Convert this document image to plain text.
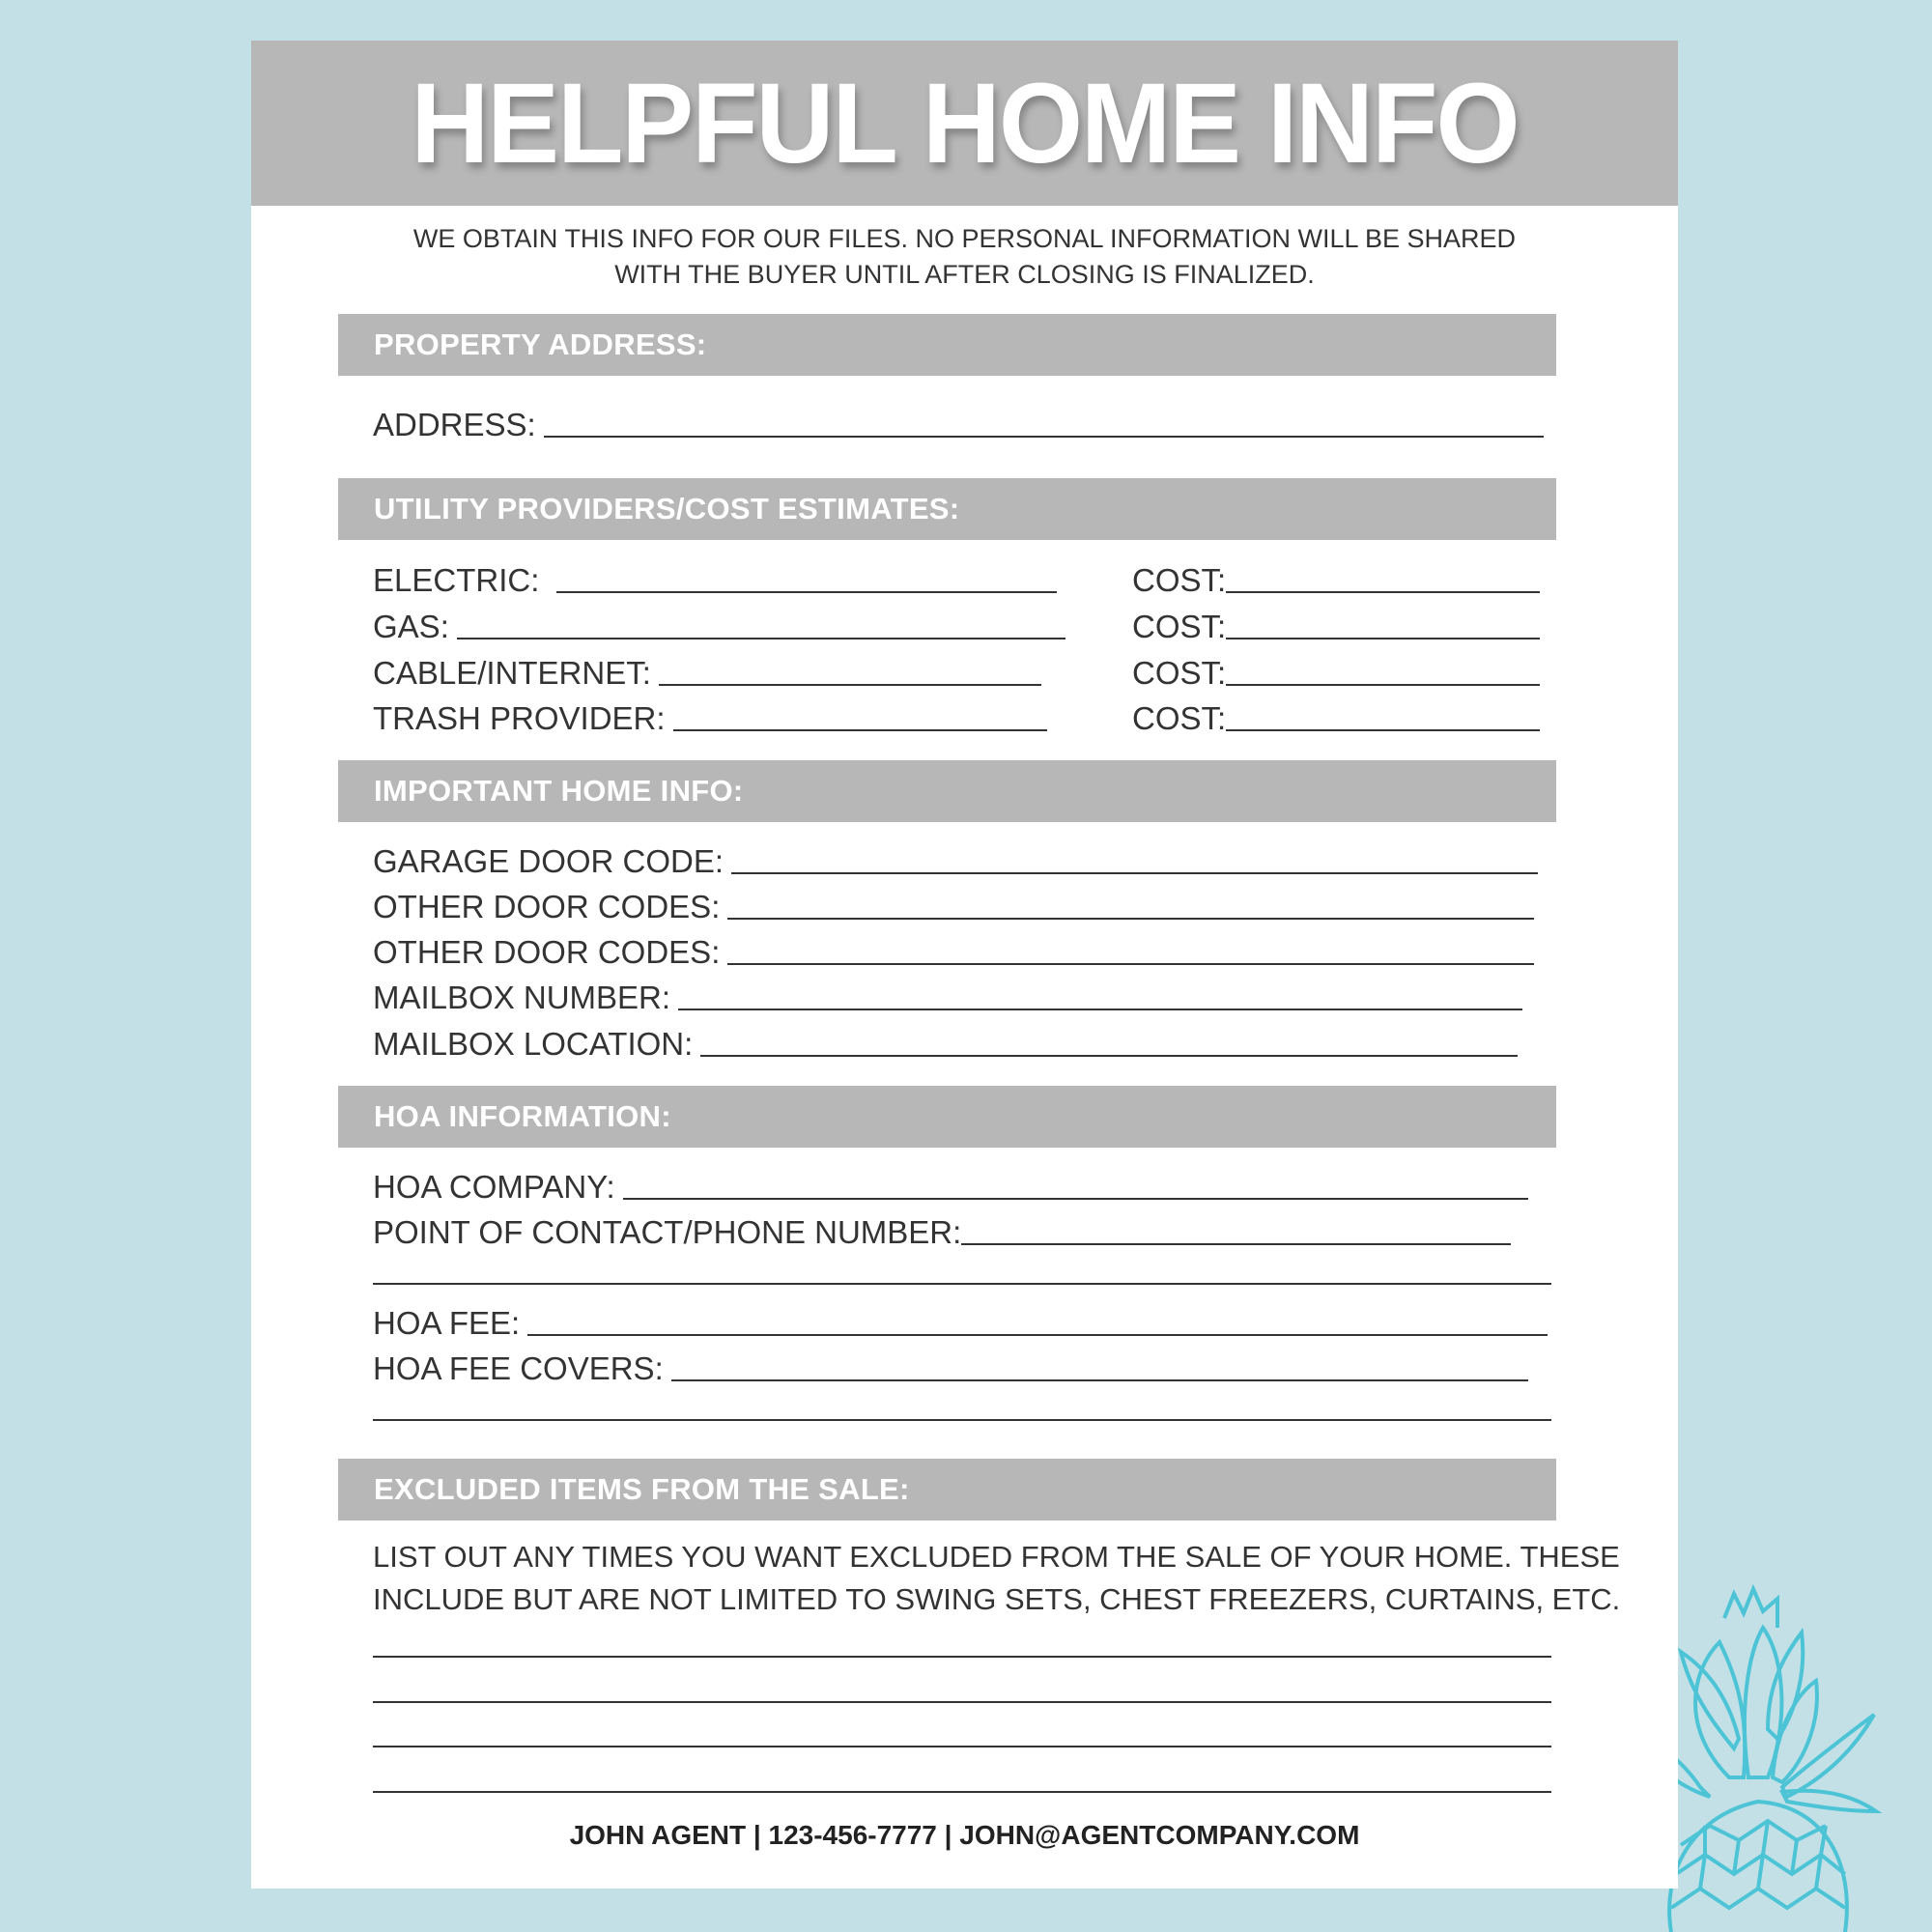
HELPFUL HOME INFO
WE OBTAIN THIS INFO FOR OUR FILES. NO PERSONAL INFORMATION WILL BE SHARED
WITH THE BUYER UNTIL AFTER CLOSING IS FINALIZED.
PROPERTY ADDRESS:
ADDRESS:
UTILITY PROVIDERS/COST ESTIMATES:
ELECTRIC:
GAS:
CABLE/INTERNET:
TRASH PROVIDER:
COST:
COST:
COST:
COST:
IMPORTANT HOME INFO:
GARAGE DOOR CODE:
OTHER DOOR CODES:
OTHER DOOR CODES:
MAILBOX NUMBER:
MAILBOX LOCATION:
HOA INFORMATION:
HOA COMPANY:
POINT OF CONTACT/PHONE NUMBER:
HOA FEE:
HOA FEE COVERS:
EXCLUDED ITEMS FROM THE SALE:
LIST OUT ANY TIMES YOU WANT EXCLUDED FROM THE SALE OF YOUR HOME. THESE
INCLUDE BUT ARE NOT LIMITED TO SWING SETS, CHEST FREEZERS, CURTAINS, ETC.
JOHN AGENT | 123-456-7777 | JOHN@AGENTCOMPANY.COM
